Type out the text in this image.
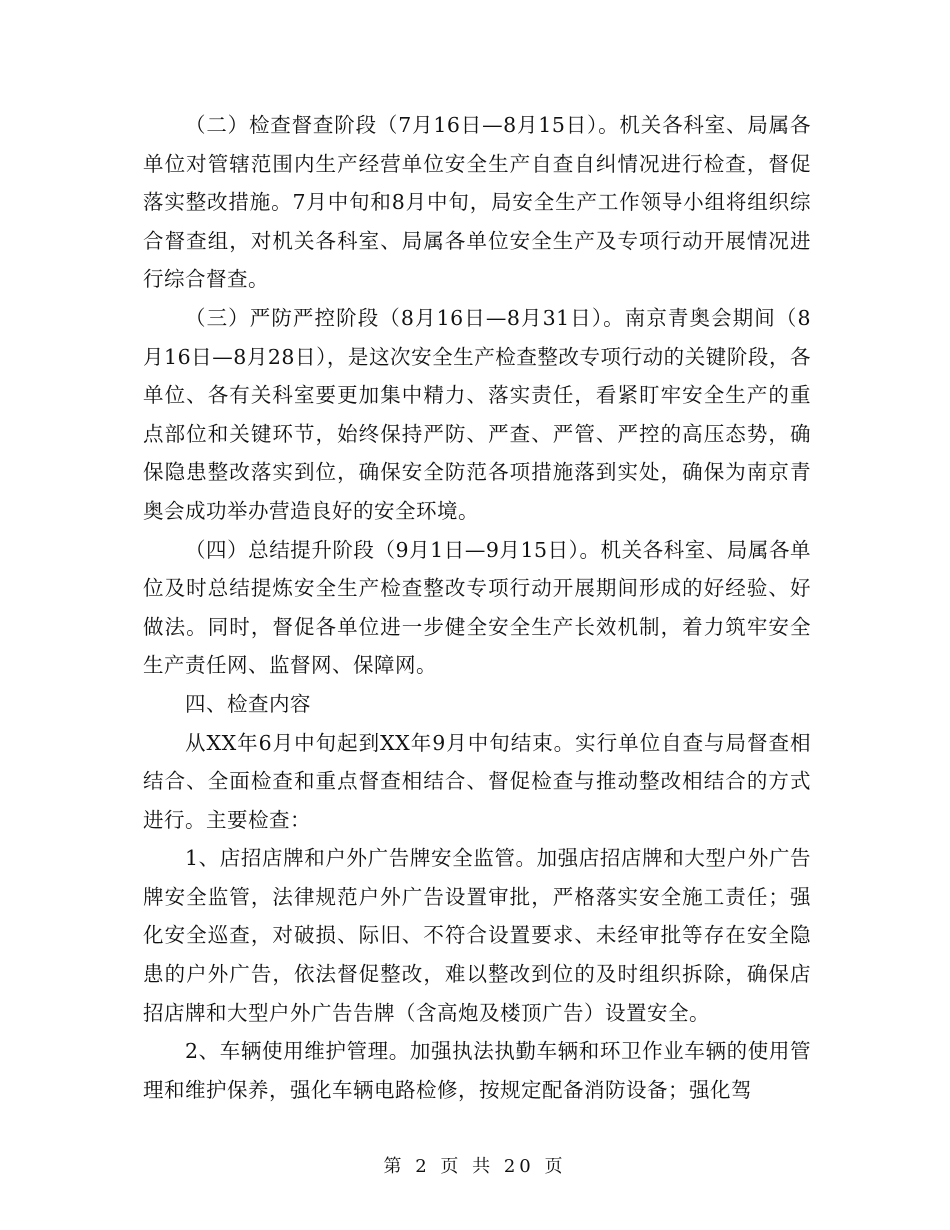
（二）检查督查阶段（7月16日—8月15日）。机关各科室、局属各单位对管辖范围内生产经营单位安全生产自查自纠情况进行检查，督促落实整改措施。7月中旬和8月中旬，局安全生产工作领导小组将组织综合督查组，对机关各科室、局属各单位安全生产及专项行动开展情况进行综合督查。

（三）严防严控阶段（8月16日—8月31日）。南京青奥会期间（8月16日—8月28日），是这次安全生产检查整改专项行动的关键阶段，各单位、各有关科室要更加集中精力、落实责任，看紧盯牢安全生产的重点部位和关键环节，始终保持严防、严查、严管、严控的高压态势，确保隐患整改落实到位，确保安全防范各项措施落到实处，确保为南京青奥会成功举办营造良好的安全环境。

（四）总结提升阶段（9月1日—9月15日）。机关各科室、局属各单位及时总结提炼安全生产检查整改专项行动开展期间形成的好经验、好做法。同时，督促各单位进一步健全安全生产长效机制，着力筑牢安全生产责任网、监督网、保障网。

四、检查内容

从XX年6月中旬起到XX年9月中旬结束。实行单位自查与局督查相结合、全面检查和重点督查相结合、督促检查与推动整改相结合的方式进行。主要检查：

1、店招店牌和户外广告牌安全监管。加强店招店牌和大型户外广告牌安全监管，法律规范户外广告设置审批，严格落实安全施工责任；强化安全巡查，对破损、际旧、不符合设置要求、未经审批等存在安全隐患的户外广告，依法督促整改，难以整改到位的及时组织拆除，确保店招店牌和大型户外广告告牌（含高炮及楼顶广告）设置安全。

2、车辆使用维护管理。加强执法执勤车辆和环卫作业车辆的使用管理和维护保养，强化车辆电路检修，按规定配备消防设备；强化驾

第 2 页 共 20 页
